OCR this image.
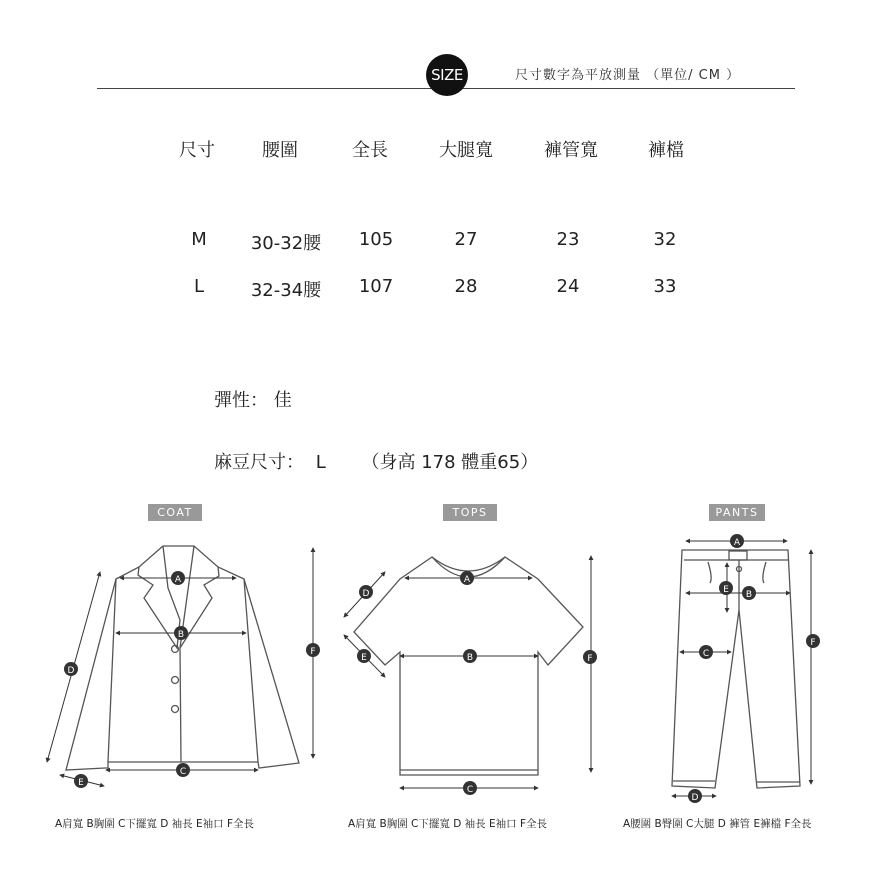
SIZE	尺寸數字為平放測量 （單位/ CM ）
尺寸	腰圍	全長	大腿寬	褲管寬	褲檔
M 30-32腰 105	27	23	32
L	32-34腰 107	28	24	33
彈性： 佳
麻豆尺寸： L （身高 178 體重65）
COAT	TOPS	PANTS
A
B
C
D
E
F
A
B
C
D
E	F
A
B
C
D
E
F
A肩寬 B胸圍 C下擺寬 D 袖長 E袖口 F全長	A肩寬 B胸圍 C下擺寬 D 袖長 E袖口 F全長	A腰圍 B臀圍 C大腿 D 褲管 E褲檔 F全長
